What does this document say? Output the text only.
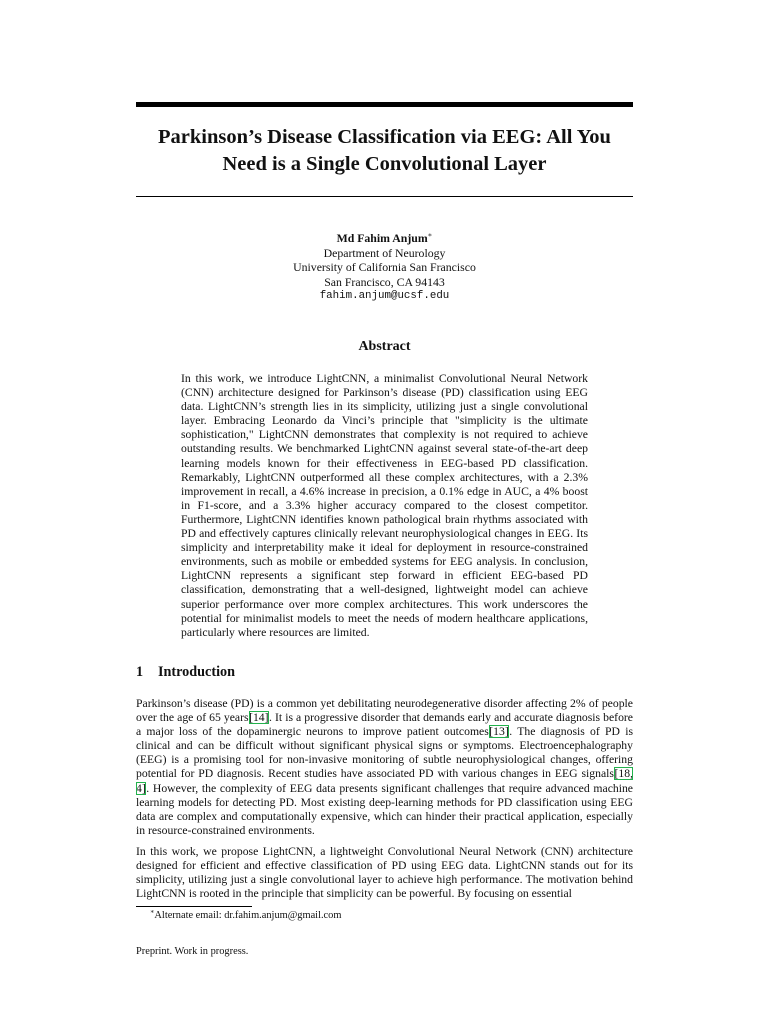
Parkinson’s Disease Classification via EEG: All You Need is a Single Convolutional Layer
Md Fahim Anjum∗
Department of Neurology
University of California San Francisco
San Francisco, CA 94143
fahim.anjum@ucsf.edu
Abstract
In this work, we introduce LightCNN, a minimalist Convolutional Neural Network (CNN) architecture designed for Parkinson’s disease (PD) classification using EEG data. LightCNN’s strength lies in its simplicity, utilizing just a single convolutional layer. Embracing Leonardo da Vinci’s principle that "simplicity is the ultimate sophistication," LightCNN demonstrates that complexity is not required to achieve outstanding results. We benchmarked LightCNN against several state-of-the-art deep learning models known for their effectiveness in EEG-based PD classification. Remarkably, LightCNN outperformed all these complex architectures, with a 2.3% improvement in recall, a 4.6% increase in precision, a 0.1% edge in AUC, a 4% boost in F1-score, and a 3.3% higher accuracy compared to the closest competitor. Furthermore, LightCNN identifies known pathological brain rhythms associated with PD and effectively captures clinically relevant neurophysiological changes in EEG. Its simplicity and interpretability make it ideal for deployment in resource-constrained environments, such as mobile or embedded systems for EEG analysis. In conclusion, LightCNN represents a significant step forward in efficient EEG-based PD classification, demonstrating that a well-designed, lightweight model can achieve superior performance over more complex architectures. This work underscores the potential for minimalist models to meet the needs of modern healthcare applications, particularly where resources are limited.
1 Introduction
Parkinson’s disease (PD) is a common yet debilitating neurodegenerative disorder affecting 2% of people over the age of 65 years[14]. It is a progressive disorder that demands early and accurate diagnosis before a major loss of the dopaminergic neurons to improve patient outcomes[13]. The diagnosis of PD is clinical and can be difficult without significant physical signs or symptoms. Electroencephalography (EEG) is a promising tool for non-invasive monitoring of subtle neurophysiological changes, offering potential for PD diagnosis. Recent studies have associated PD with various changes in EEG signals[18, 4]. However, the complexity of EEG data presents significant challenges that require advanced machine learning models for detecting PD. Most existing deep-learning methods for PD classification using EEG data are complex and computationally expensive, which can hinder their practical application, especially in resource-constrained environments.
In this work, we propose LightCNN, a lightweight Convolutional Neural Network (CNN) architecture designed for efficient and effective classification of PD using EEG data. LightCNN stands out for its simplicity, utilizing just a single convolutional layer to achieve high performance. The motivation behind LightCNN is rooted in the principle that simplicity can be powerful. By focusing on essential
∗Alternate email: dr.fahim.anjum@gmail.com
Preprint. Work in progress.
